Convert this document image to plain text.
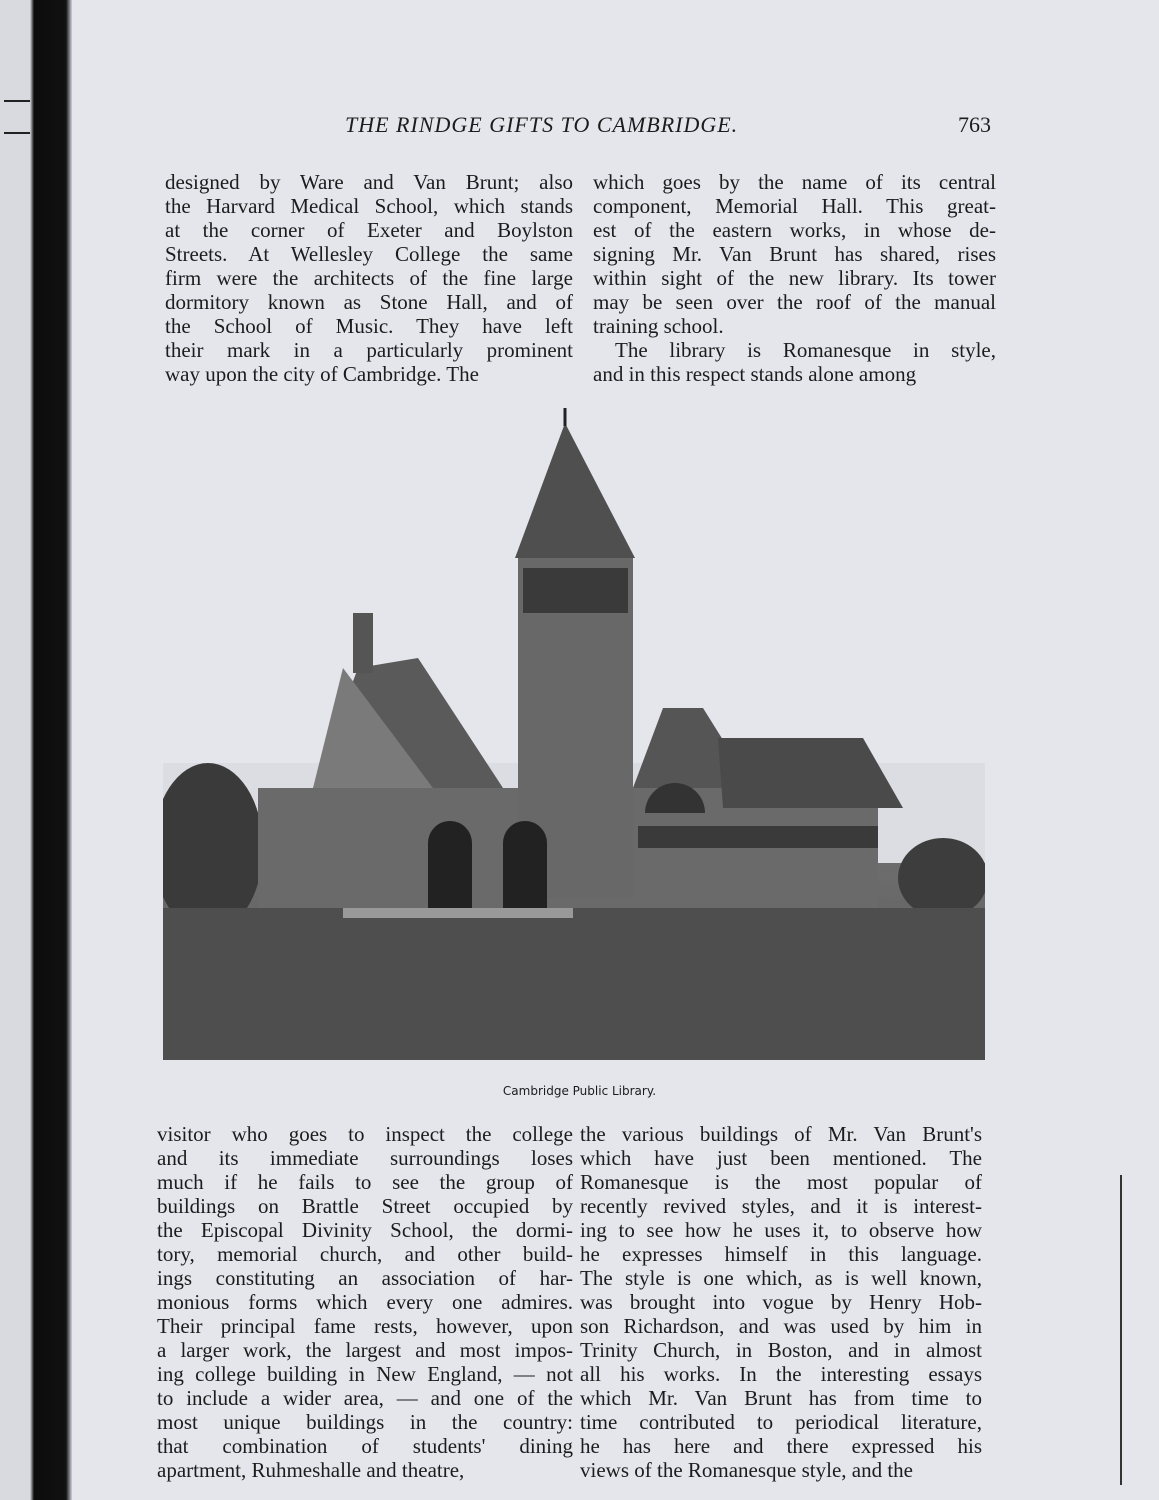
THE RINDGE GIFTS TO CAMBRIDGE.	763
designed by Ware and Van Brunt; also
the Harvard Medical School, which stands
at the corner of Exeter and Boylston
Streets. At Wellesley College the same
firm were the architects of the fine large
dormitory known as Stone Hall, and of
the School of Music. They have left
their mark in a particularly prominent
way upon the city of Cambridge. The
which goes by the name of its central
component, Memorial Hall. This great-
est of the eastern works, in whose de-
signing Mr. Van Brunt has shared, rises
within sight of the new library. Its tower
may be seen over the roof of the manual
training school.
The library is Romanesque in style,
and in this respect stands alone among
Cambridge Public Library.
visitor who goes to inspect the college
and its immediate surroundings loses
much if he fails to see the group of
buildings on Brattle Street occupied by
the Episcopal Divinity School, the dormi-
tory, memorial church, and other build-
ings constituting an association of har-
monious forms which every one admires.
Their principal fame rests, however, upon
a larger work, the largest and most impos-
ing college building in New England, — not
to include a wider area, — and one of the
most unique buildings in the country:
that combination of students' dining
apartment, Ruhmeshalle and theatre,
the various buildings of Mr. Van Brunt's
which have just been mentioned. The
Romanesque is the most popular of
recently revived styles, and it is interest-
ing to see how he uses it, to observe how
he expresses himself in this language.
The style is one which, as is well known,
was brought into vogue by Henry Hob-
son Richardson, and was used by him in
Trinity Church, in Boston, and in almost
all his works. In the interesting essays
which Mr. Van Brunt has from time to
time contributed to periodical literature,
he has here and there expressed his
views of the Romanesque style, and the
